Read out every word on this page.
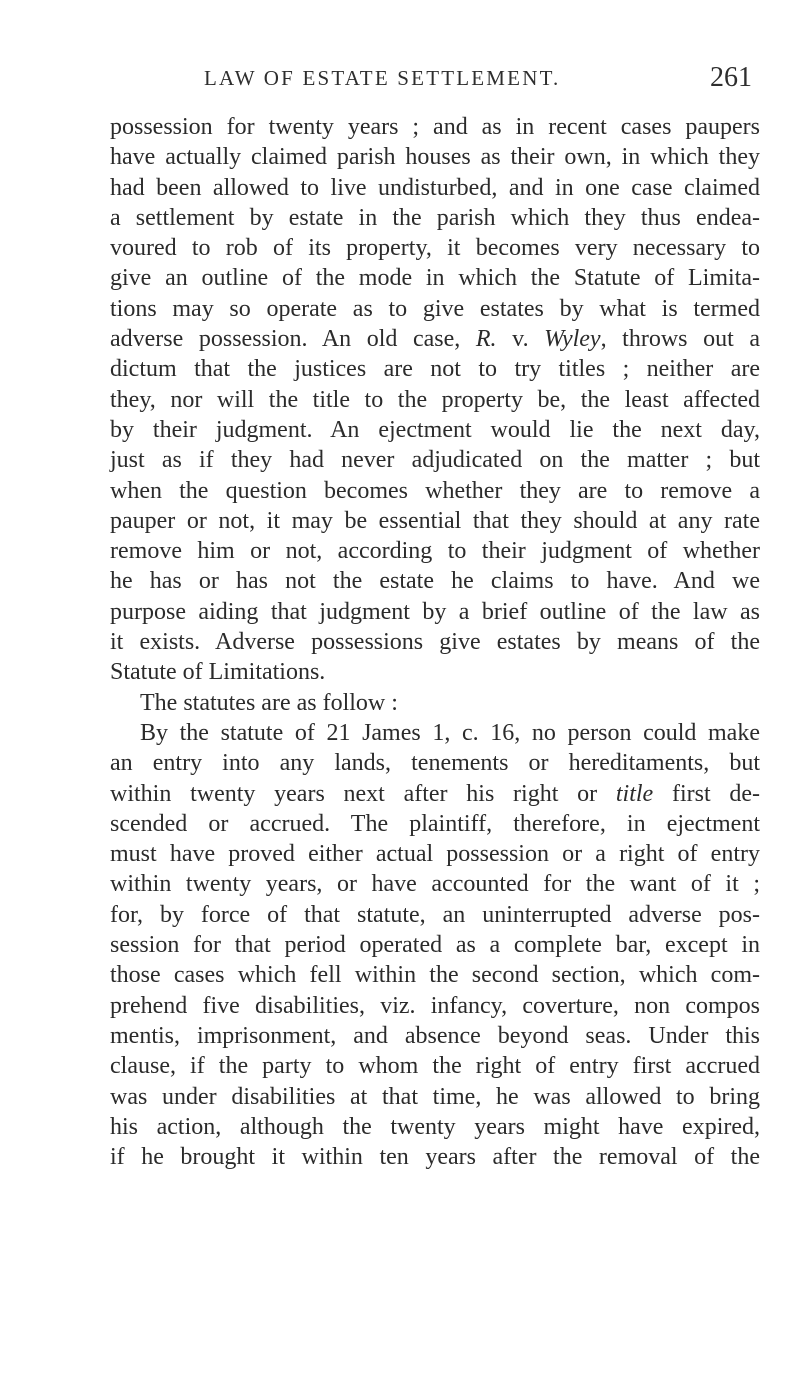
LAW OF ESTATE SETTLEMENT.	261
possession for twenty years ; and as in recent cases paupers
have actually claimed parish houses as their own, in which they
had been allowed to live undisturbed, and in one case claimed
a settlement by estate in the parish which they thus endea-
voured to rob of its property, it becomes very necessary to
give an outline of the mode in which the Statute of Limita-
tions may so operate as to give estates by what is termed
adverse possession. An old case, R. v. Wyley, throws out a
dictum that the justices are not to try titles ; neither are
they, nor will the title to the property be, the least affected
by their judgment. An ejectment would lie the next day,
just as if they had never adjudicated on the matter ; but
when the question becomes whether they are to remove a
pauper or not, it may be essential that they should at any rate
remove him or not, according to their judgment of whether
he has or has not the estate he claims to have. And we
purpose aiding that judgment by a brief outline of the law as
it exists. Adverse possessions give estates by means of the
Statute of Limitations.
The statutes are as follow :
By the statute of 21 James 1, c. 16, no person could make
an entry into any lands, tenements or hereditaments, but
within twenty years next after his right or title first de-
scended or accrued. The plaintiff, therefore, in ejectment
must have proved either actual possession or a right of entry
within twenty years, or have accounted for the want of it ;
for, by force of that statute, an uninterrupted adverse pos-
session for that period operated as a complete bar, except in
those cases which fell within the second section, which com-
prehend five disabilities, viz. infancy, coverture, non compos
mentis, imprisonment, and absence beyond seas. Under this
clause, if the party to whom the right of entry first accrued
was under disabilities at that time, he was allowed to bring
his action, although the twenty years might have expired,
if he brought it within ten years after the removal of the
